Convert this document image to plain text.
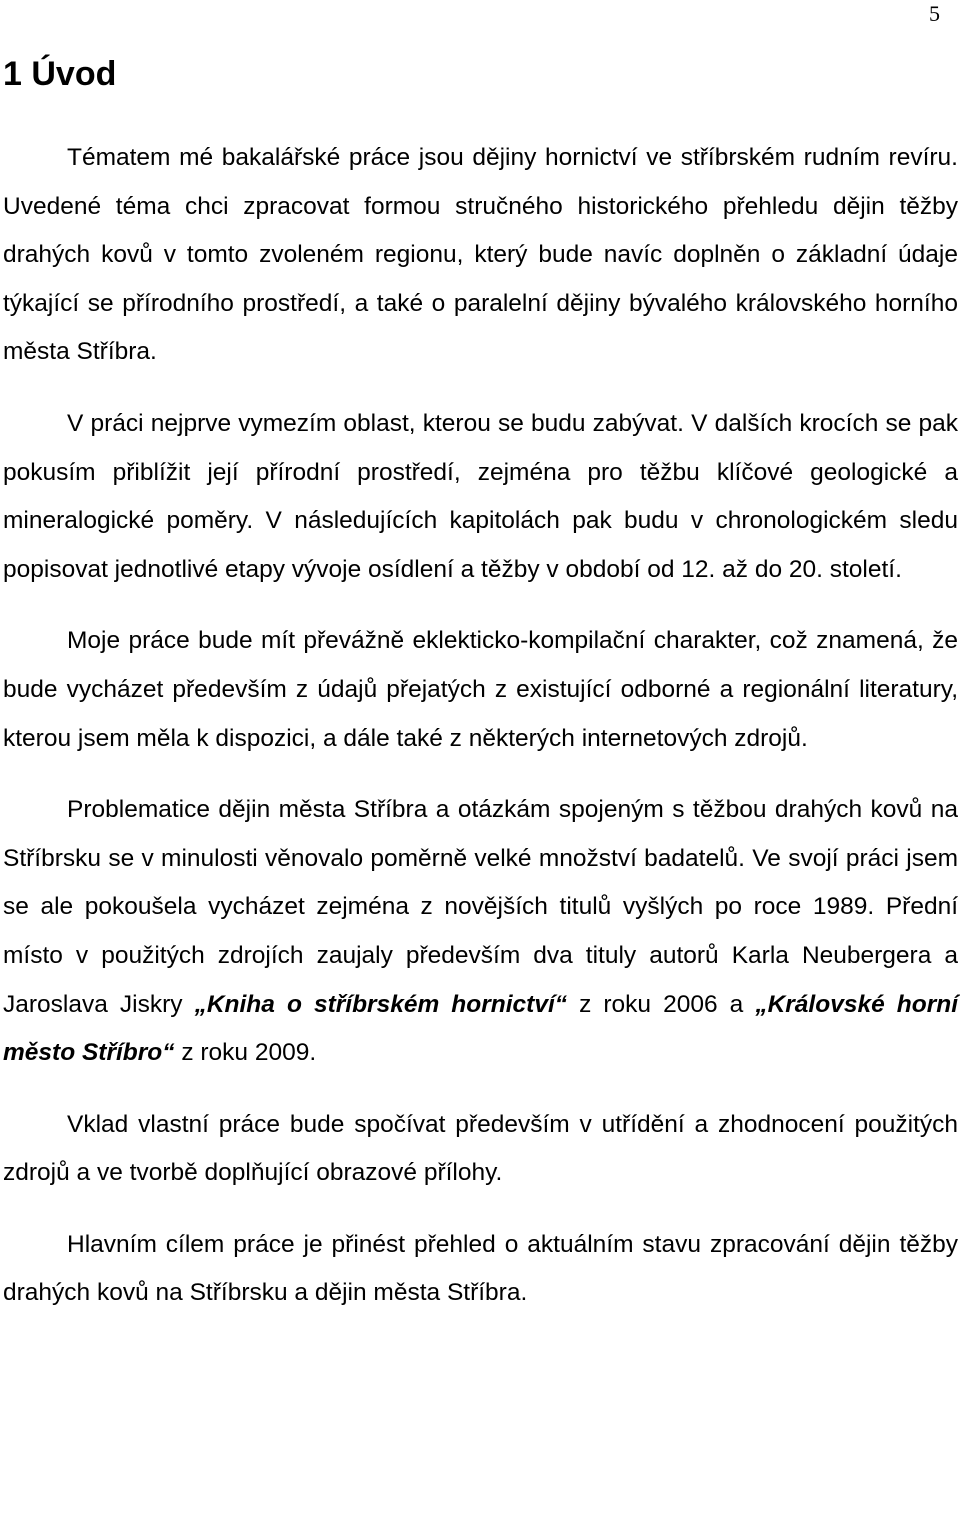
5
1 Úvod

Tématem mé bakalářské práce jsou dějiny hornictví ve stříbrském rudním revíru. Uvedené téma chci zpracovat formou stručného historického přehledu dějin těžby drahých kovů v tomto zvoleném regionu, který bude navíc doplněn o základní údaje týkající se přírodního prostředí, a také o paralelní dějiny bývalého královského horního města Stříbra.

V práci nejprve vymezím oblast, kterou se budu zabývat. V dalších krocích se pak pokusím přiblížit její přírodní prostředí, zejména pro těžbu klíčové geologické a mineralogické poměry. V následujících kapitolách pak budu v chronologickém sledu popisovat jednotlivé etapy vývoje osídlení a těžby v období od 12. až do 20. století.

Moje práce bude mít převážně eklekticko-kompilační charakter, což znamená, že bude vycházet především z údajů přejatých z existující odborné a regionální literatury, kterou jsem měla k dispozici, a dále také z některých internetových zdrojů.

Problematice dějin města Stříbra a otázkám spojeným s těžbou drahých kovů na Stříbrsku se v minulosti věnovalo poměrně velké množství badatelů. Ve svojí práci jsem se ale pokoušela vycházet zejména z novějších titulů vyšlých po roce 1989. Přední místo v použitých zdrojích zaujaly především dva tituly autorů Karla Neubergera a Jaroslava Jiskry „Kniha o stříbrském hornictví“ z roku 2006 a „Královské horní město Stříbro“ z roku 2009.

Vklad vlastní práce bude spočívat především v utřídění a zhodnocení použitých zdrojů a ve tvorbě doplňující obrazové přílohy.

Hlavním cílem práce je přinést přehled o aktuálním stavu zpracování dějin těžby drahých kovů na Stříbrsku a dějin města Stříbra.
